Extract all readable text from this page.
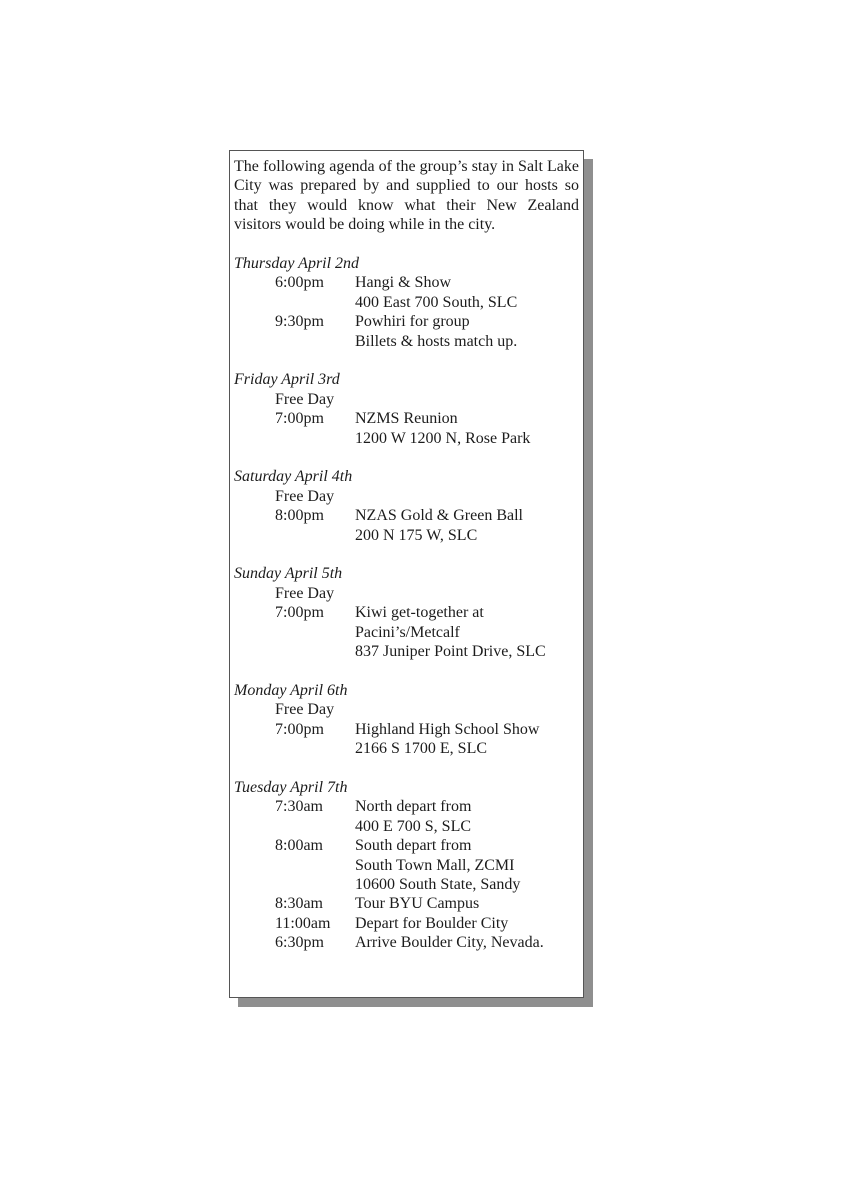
The following agenda of the group’s stay in Salt Lake City was prepared by and supplied to our hosts so that they would know what their New Zealand visitors would be doing while in the city.

Thursday April 2nd
6:00pm	Hangi & Show
400 East 700 South, SLC
9:30pm	Powhiri for group
Billets & hosts match up.
Friday April 3rd
Free Day
7:00pm	NZMS Reunion
1200 W 1200 N, Rose Park
Saturday April 4th
Free Day
8:00pm	NZAS Gold & Green Ball
200 N 175 W, SLC
Sunday April 5th
Free Day
7:00pm	Kiwi get-together at
Pacini’s/Metcalf
837 Juniper Point Drive, SLC
Monday April 6th
Free Day
7:00pm	Highland High School Show
2166 S 1700 E, SLC
Tuesday April 7th
7:30am	North depart from
400 E 700 S, SLC
8:00am	South depart from
South Town Mall, ZCMI
10600 South State, Sandy
8:30am	Tour BYU Campus
11:00am	Depart for Boulder City
6:30pm	Arrive Boulder City, Nevada.
